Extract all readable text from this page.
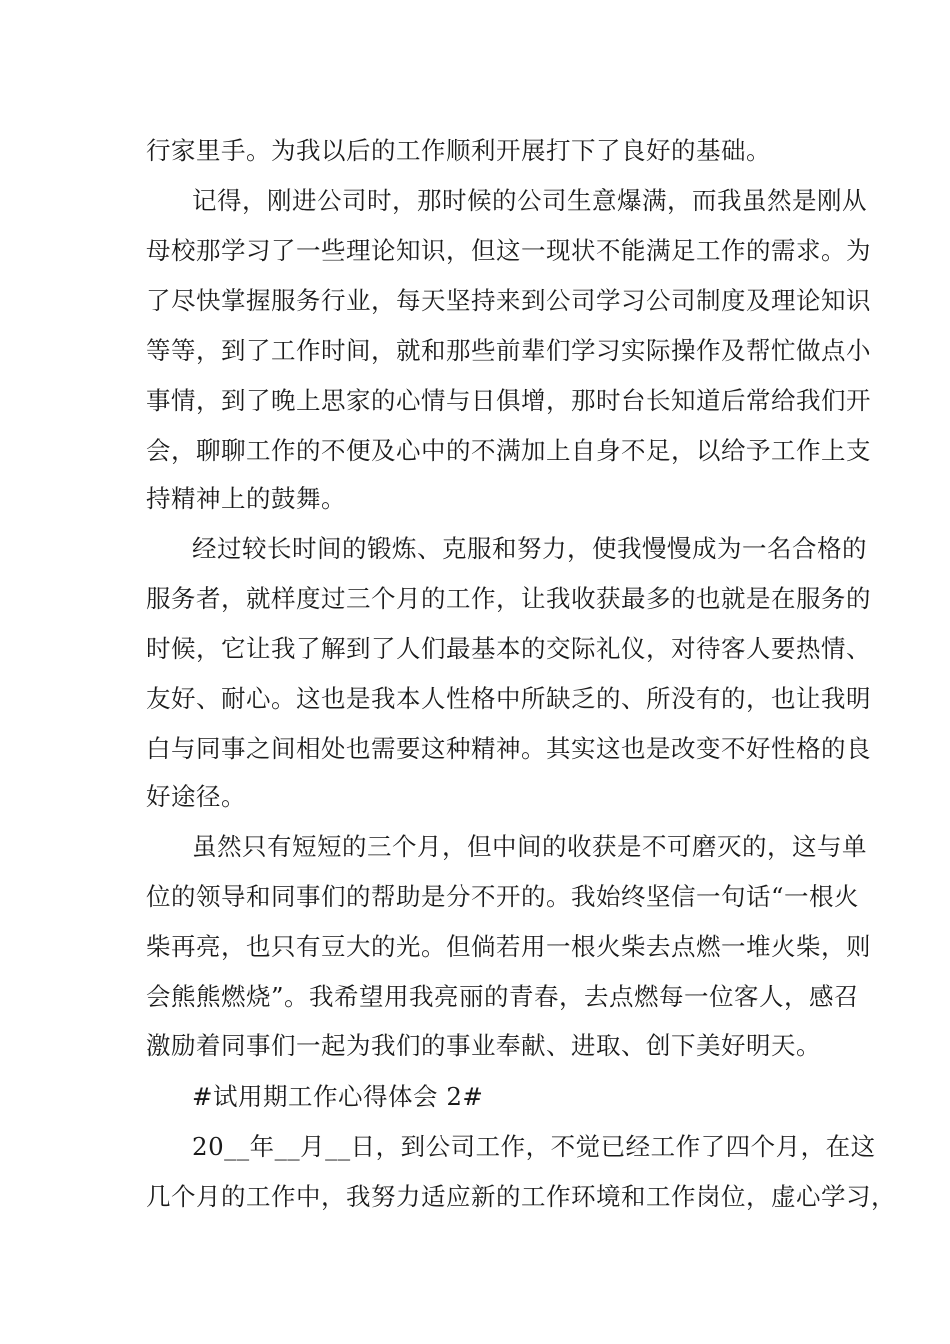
行家里手。为我以后的工作顺利开展打下了良好的基础。
记得，刚进公司时，那时候的公司生意爆满，而我虽然是刚从
母校那学习了一些理论知识，但这一现状不能满足工作的需求。为
了尽快掌握服务行业，每天坚持来到公司学习公司制度及理论知识
等等，到了工作时间，就和那些前辈们学习实际操作及帮忙做点小
事情，到了晚上思家的心情与日俱增，那时台长知道后常给我们开
会，聊聊工作的不便及心中的不满加上自身不足，以给予工作上支
持精神上的鼓舞。
经过较长时间的锻炼、克服和努力，使我慢慢成为一名合格的
服务者，就样度过三个月的工作，让我收获最多的也就是在服务的
时候，它让我了解到了人们最基本的交际礼仪，对待客人要热情、
友好、耐心。这也是我本人性格中所缺乏的、所没有的，也让我明
白与同事之间相处也需要这种精神。其实这也是改变不好性格的良
好途径。
虽然只有短短的三个月，但中间的收获是不可磨灭的，这与单
位的领导和同事们的帮助是分不开的。我始终坚信一句话“一根火
柴再亮，也只有豆大的光。但倘若用一根火柴去点燃一堆火柴，则
会熊熊燃烧”。我希望用我亮丽的青春，去点燃每一位客人，感召
激励着同事们一起为我们的事业奉献、进取、创下美好明天。
#试用期工作心得体会 2#
20__年__月__日，到公司工作，不觉已经工作了四个月，在这
几个月的工作中，我努力适应新的工作环境和工作岗位，虚心学习，
